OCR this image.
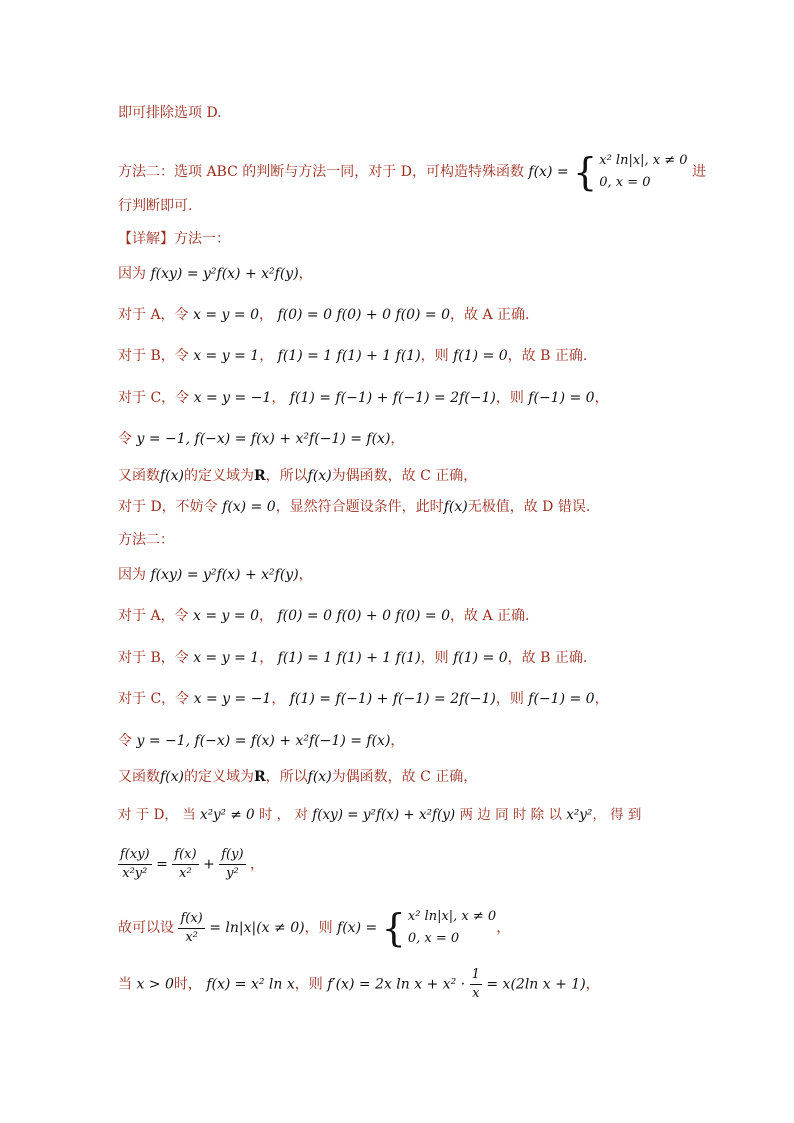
即可排除选项 D.
方法二：选项 ABC 的判断与方法一同，对于 D，可构造特殊函数 f(x) = { x² ln|x|, x ≠ 0
0, x = 0
进
行判断即可.
【详解】方法一：
因为 f(xy) = y²f(x) + x²f(y)，
对于 A，令 x = y = 0， f(0) = 0 f(0) + 0 f(0) = 0，故 A 正确.
对于 B，令 x = y = 1， f(1) = 1 f(1) + 1 f(1)，则 f(1) = 0，故 B 正确.
对于 C，令 x = y = −1， f(1) = f(−1) + f(−1) = 2f(−1)，则 f(−1) = 0，
令 y = −1, f(−x) = f(x) + x²f(−1) = f(x)，
又函数f(x)的定义域为R，所以f(x)为偶函数，故 C 正确，
对于 D，不妨令 f(x) = 0，显然符合题设条件，此时f(x)无极值，故 D 错误.
方法二：
因为 f(xy) = y²f(x) + x²f(y)，
对于 A，令 x = y = 0， f(0) = 0 f(0) + 0 f(0) = 0，故 A 正确.
对于 B，令 x = y = 1， f(1) = 1 f(1) + 1 f(1)，则 f(1) = 0，故 B 正确.
对于 C，令 x = y = −1， f(1) = f(−1) + f(−1) = 2f(−1)，则 f(−1) = 0，
令 y = −1, f(−x) = f(x) + x²f(−1) = f(x)，
又函数f(x)的定义域为R，所以f(x)为偶函数，故 C 正确，
对 于 D， 当 x²y² ≠ 0 时 ， 对 f(xy) = y²f(x) + x²f(y) 两 边 同 时 除 以 x²y²， 得 到
$\frac{f(xy)}{\text{x²y²}} = \frac{f(x)}{\text{x²}} + \frac{f(y)}{\text{y²}}$ ，
故可以设 $\frac{f(x)}{\text{x²}} = \ln|x|(x \ne 0)$，则 f(x) = { x² ln|x|, x ≠ 0
0, x = 0
，
当 x > 0时， f(x) = x² ln x，则 f′(x) = 2x $\ln x + x^2 \cdot \frac{1}{x} = x(2\ln$ x + 1)，
